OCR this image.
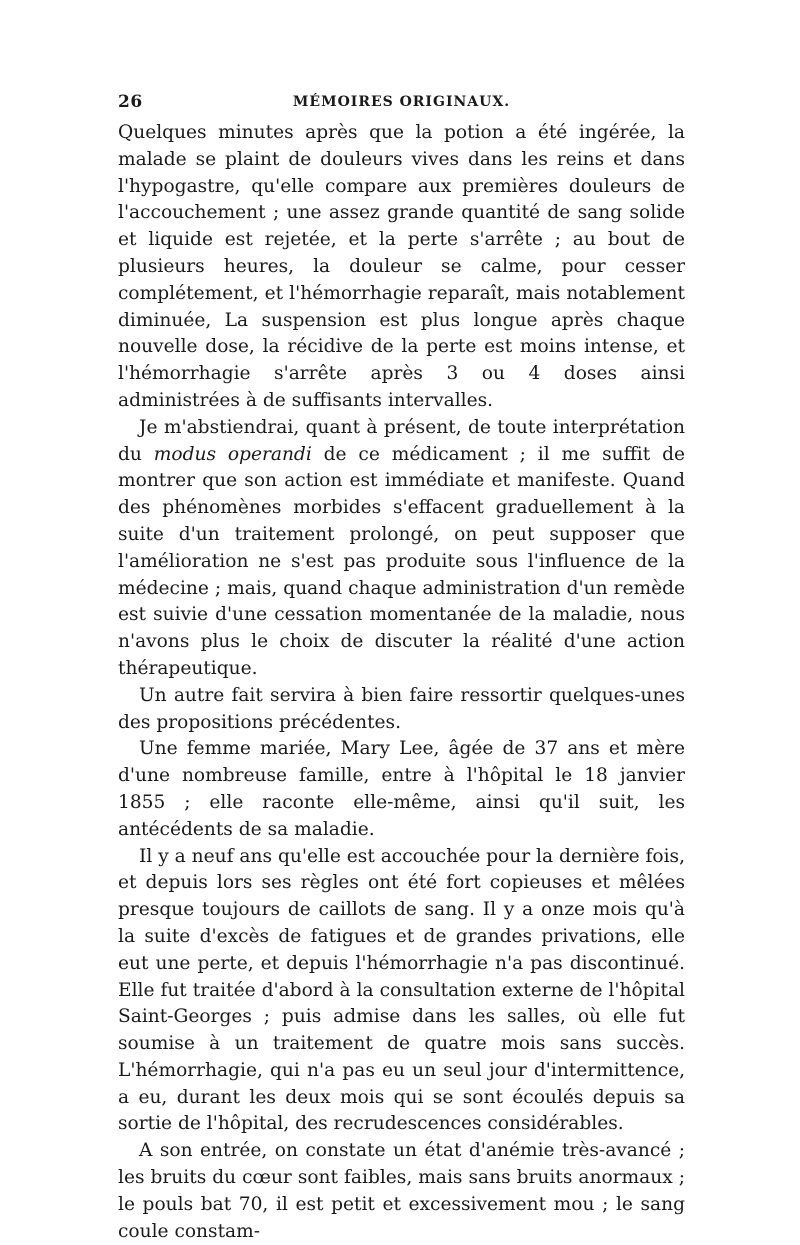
26	MÉMOIRES ORIGINAUX.

Quelques minutes après que la potion a été ingérée, la malade se plaint de douleurs vives dans les reins et dans l'hypogastre, qu'elle compare aux premières douleurs de l'accouchement ; une assez grande quantité de sang solide et liquide est rejetée, et la perte s'arrête ; au bout de plusieurs heures, la douleur se calme, pour cesser complétement, et l'hémorrhagie reparaît, mais notablement diminuée, La suspension est plus longue après chaque nouvelle dose, la récidive de la perte est moins intense, et l'hémorrhagie s'arrête après 3 ou 4 doses ainsi administrées à de suffisants intervalles.

Je m'abstiendrai, quant à présent, de toute interprétation du modus operandi de ce médicament ; il me suffit de montrer que son action est immédiate et manifeste. Quand des phénomènes morbides s'effacent graduellement à la suite d'un traitement prolongé, on peut supposer que l'amélioration ne s'est pas produite sous l'influence de la médecine ; mais, quand chaque administration d'un remède est suivie d'une cessation momentanée de la maladie, nous n'avons plus le choix de discuter la réalité d'une action thérapeutique.

Un autre fait servira à bien faire ressortir quelques-unes des propositions précédentes.

Une femme mariée, Mary Lee, âgée de 37 ans et mère d'une nombreuse famille, entre à l'hôpital le 18 janvier 1855 ; elle raconte elle-même, ainsi qu'il suit, les antécédents de sa maladie.

Il y a neuf ans qu'elle est accouchée pour la dernière fois, et depuis lors ses règles ont été fort copieuses et mêlées presque toujours de caillots de sang. Il y a onze mois qu'à la suite d'excès de fatigues et de grandes privations, elle eut une perte, et depuis l'hémorrhagie n'a pas discontinué. Elle fut traitée d'abord à la consultation externe de l'hôpital Saint-Georges ; puis admise dans les salles, où elle fut soumise à un traitement de quatre mois sans succès. L'hémorrhagie, qui n'a pas eu un seul jour d'intermittence, a eu, durant les deux mois qui se sont écoulés depuis sa sortie de l'hôpital, des recrudescences considérables.

A son entrée, on constate un état d'anémie très-avancé ; les bruits du cœur sont faibles, mais sans bruits anormaux ; le pouls bat 70, il est petit et excessivement mou ; le sang coule constam-
